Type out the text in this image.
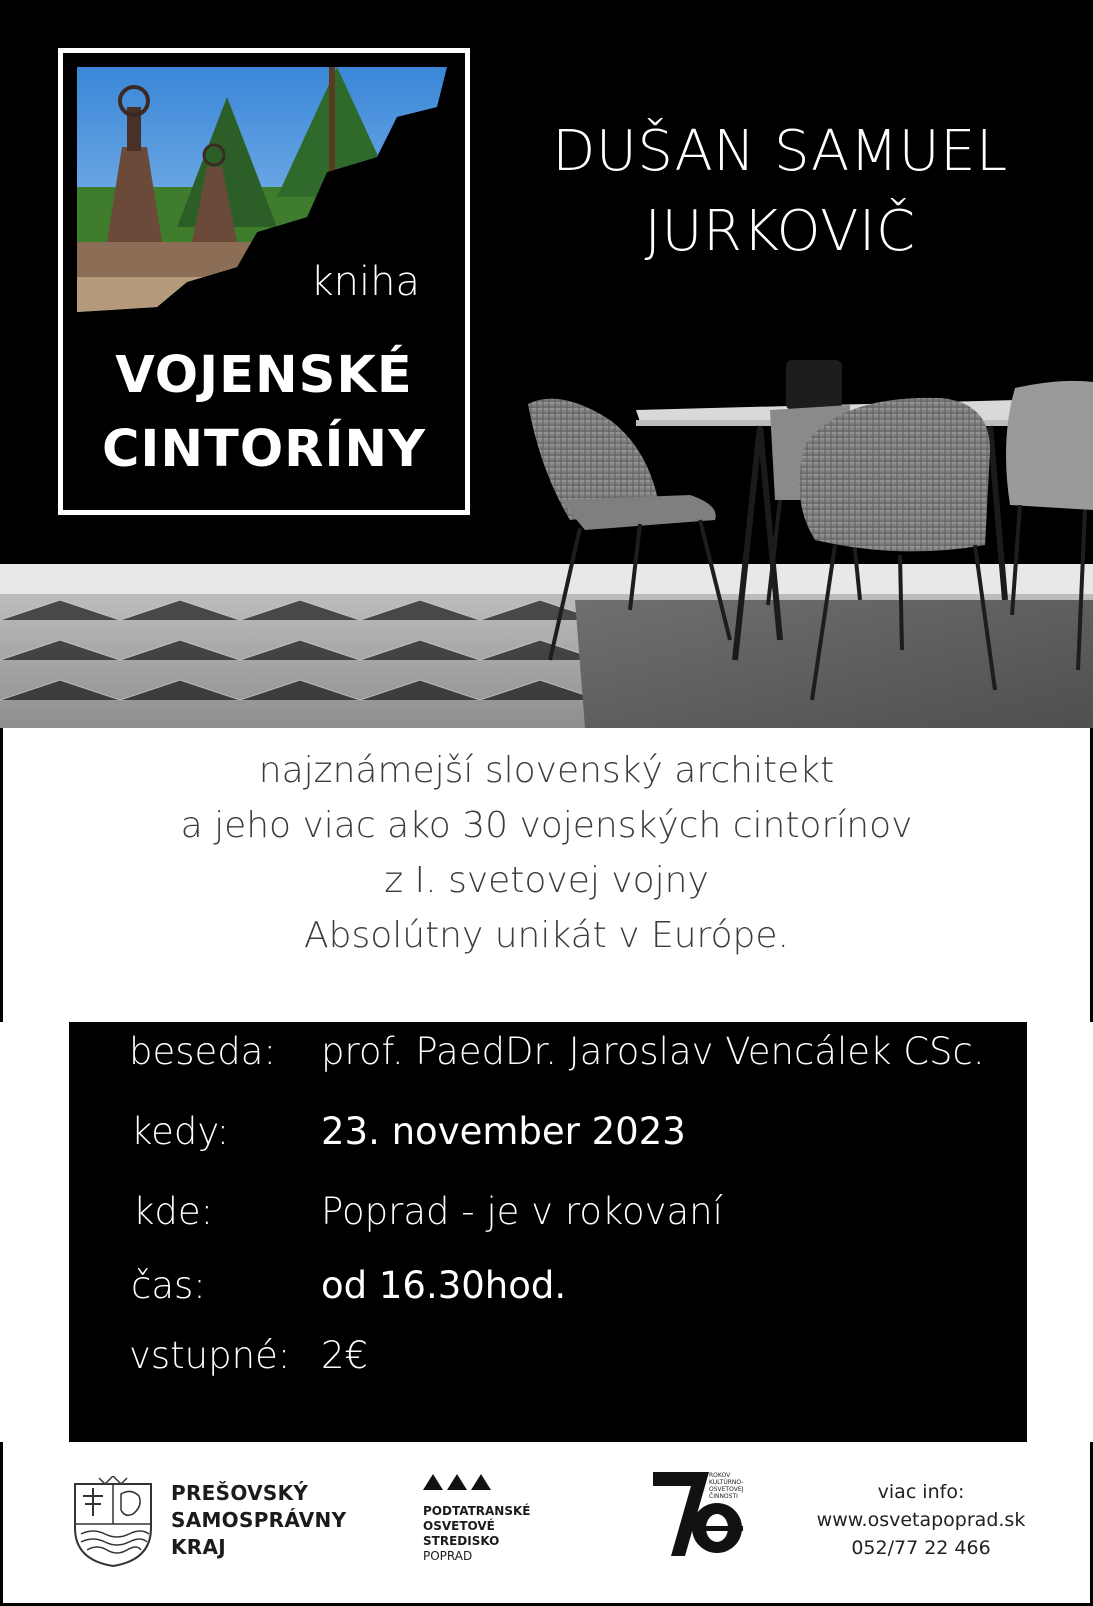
kniha
VOJENSKÉ
CINTORÍNY
DUŠAN SAMUEL
JURKOVIČ
najznámejší slovenský architekt
a jeho viac ako 30 vojenských cintorínov
z I. svetovej vojny
Absolútny unikát v Európe.
beseda: prof. PaedDr. Jaroslav Vencálek CSc.
kedy: 23. november 2023
kde:	Poprad - je v rokovaní
čas:	od 16.30hod.
vstupné: 2€
PREŠOVSKÝ
SAMOSPRÁVNY
KRAJ
PODTATRANSKÉ
OSVETOVÉ
STREDISKO
POPRAD
ROKOV KULTÚRNO-OSVETOVEJ ČINNOSTI	viac info:
www.osvetapoprad.sk
052/77 22 466
